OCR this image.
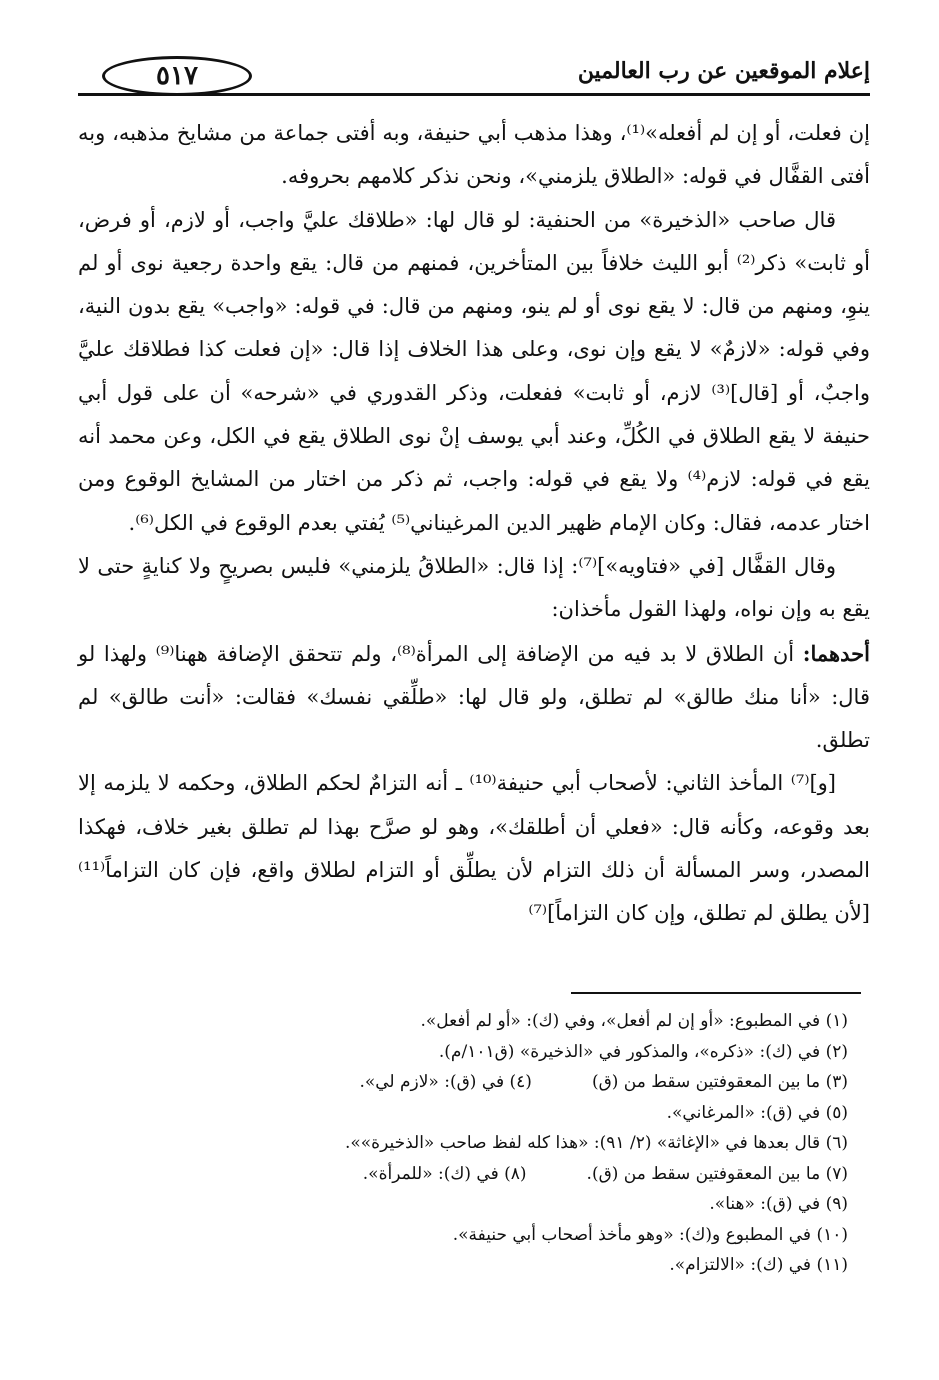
٥١٧	إعلام الموقعين عن رب العالمين

إن فعلت، أو إن لم أفعله»⁽¹⁾، وهذا مذهب أبي حنيفة، وبه أفتى جماعة من مشايخ مذهبه، وبه أفتى القفَّال في قوله: «الطلاق يلزمني»، ونحن نذكر كلامهم بحروفه.

قال صاحب «الذخيرة» من الحنفية: لو قال لها: «طلاقك عليَّ واجب، أو لازم، أو فرض، أو ثابت» ذكر⁽²⁾ أبو الليث خلافاً بين المتأخرين، فمنهم من قال: يقع واحدة رجعية نوى أو لم ينوِ، ومنهم من قال: لا يقع نوى أو لم ينو، ومنهم من قال: في قوله: «واجب» يقع بدون النية، وفي قوله: «لازمٌ» لا يقع وإن نوى، وعلى هذا الخلاف إذا قال: «إن فعلت كذا فطلاقك عليَّ واجبٌ، أو [قال]⁽³⁾ لازم، أو ثابت» ففعلت، وذكر القدوري في «شرحه» أن على قول أبي حنيفة لا يقع الطلاق في الكُلِّ، وعند أبي يوسف إنْ نوى الطلاق يقع في الكل، وعن محمد أنه يقع في قوله: لازم⁽⁴⁾ ولا يقع في قوله: واجب، ثم ذكر من اختار من المشايخ الوقوع ومن اختار عدمه، فقال: وكان الإمام ظهير الدين المرغيناني⁽⁵⁾ يُفتي بعدم الوقوع في الكل⁽⁶⁾.

وقال القفَّال [في «فتاويه»]⁽⁷⁾: إذا قال: «الطلاقُ يلزمني» فليس بصريحٍ ولا كنايةٍ حتى لا يقع به وإن نواه، ولهذا القول مأخذان:

أحدهما: أن الطلاق لا بد فيه من الإضافة إلى المرأة⁽⁸⁾، ولم تتحقق الإضافة ههنا⁽⁹⁾ ولهذا لو قال: «أنا منك طالق» لم تطلق، ولو قال لها: «طلِّقي نفسك» فقالت: «أنت طالق» لم تطلق.

[و]⁽⁷⁾ المأخذ الثاني: لأصحاب أبي حنيفة⁽¹⁰⁾ ـ أنه التزامٌ لحكم الطلاق، وحكمه لا يلزمه إلا بعد وقوعه، وكأنه قال: «فعلي أن أطلقك»، وهو لو صرَّح بهذا لم تطلق بغير خلاف، فهكذا المصدر، وسر المسألة أن ذلك التزام لأن يطلِّق أو التزام لطلاق واقع، فإن كان التزاماً⁽¹¹⁾ [لأن يطلق لم تطلق، وإن كان التزاماً]⁽⁷⁾

(١) في المطبوع: «أو إن لم أفعل»، وفي (ك): «أو لم أفعل».
(٢) في (ك): «ذكره»، والمذكور في «الذخيرة» (ق١٠١/م).
(٣) ما بين المعقوفتين سقط من (ق)(٤) في (ق): «لازم لي».
(٥) في (ق): «المرغاني».
(٦) قال بعدها في «الإغاثة» (٢/ ٩١): «هذا كله لفظ صاحب «الذخيرة»».
(٧) ما بين المعقوفتين سقط من (ق).(٨) في (ك): «للمرأة».
(٩) في (ق): «هنا».
(١٠) في المطبوع و(ك): «وهو مأخذ أصحاب أبي حنيفة».
(١١) في (ك): «الالتزام».
